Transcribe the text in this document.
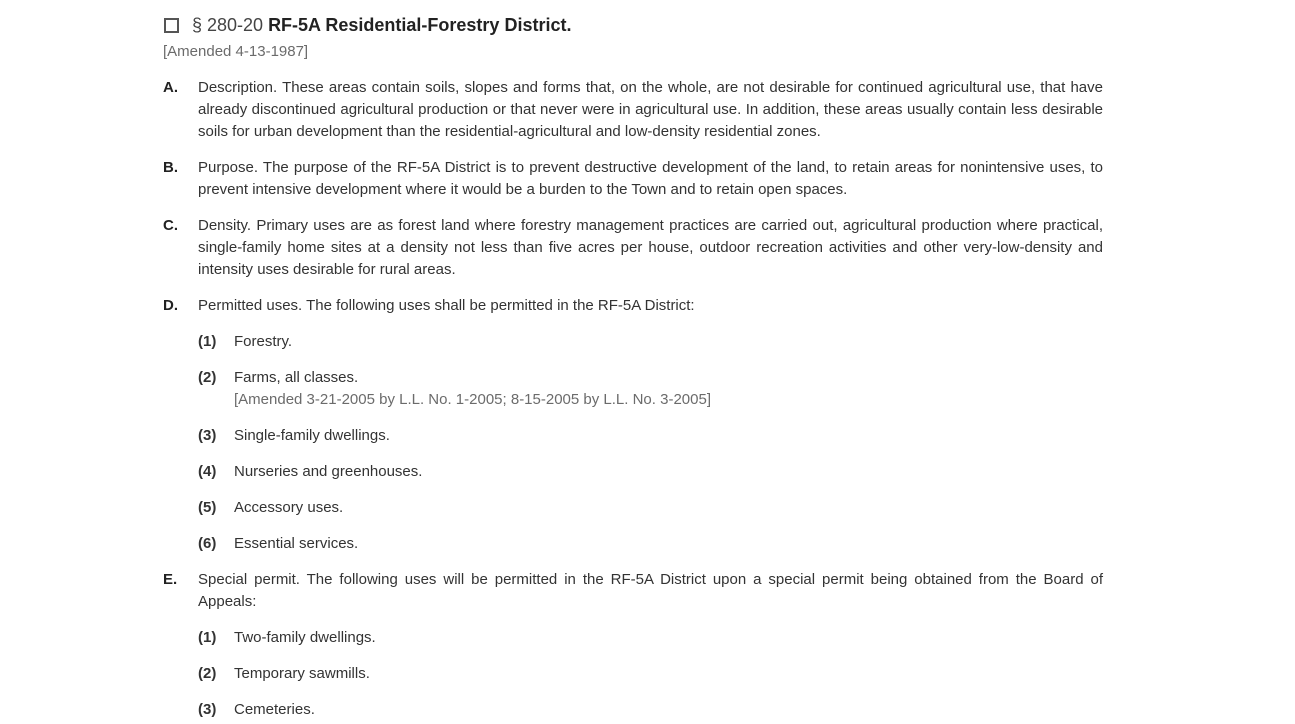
§ 280-20 RF-5A Residential-Forestry District.
[Amended 4-13-1987]
A.	Description. These areas contain soils, slopes and forms that, on the whole, are not desirable for continued agricultural use, that have already discontinued agricultural production or that never were in agricultural use. In addition, these areas usually contain less desirable soils for urban development than the residential-agricultural and low-density residential zones.
B.	Purpose. The purpose of the RF-5A District is to prevent destructive development of the land, to retain areas for nonintensive uses, to prevent intensive development where it would be a burden to the Town and to retain open spaces.
C.	Density. Primary uses are as forest land where forestry management practices are carried out, agricultural production where practical, single-family home sites at a density not less than five acres per house, outdoor recreation activities and other very-low-density and intensity uses desirable for rural areas.
D.	Permitted uses. The following uses shall be permitted in the RF-5A District:
(1)	Forestry.
(2)	Farms, all classes.
[Amended 3-21-2005 by L.L. No. 1-2005; 8-15-2005 by L.L. No. 3-2005]
(3)	Single-family dwellings.
(4)	Nurseries and greenhouses.
(5)	Accessory uses.
(6)	Essential services.
E.	Special permit. The following uses will be permitted in the RF-5A District upon a special permit being obtained from the Board of Appeals:
(1)	Two-family dwellings.
(2)	Temporary sawmills.
(3)	Cemeteries.
